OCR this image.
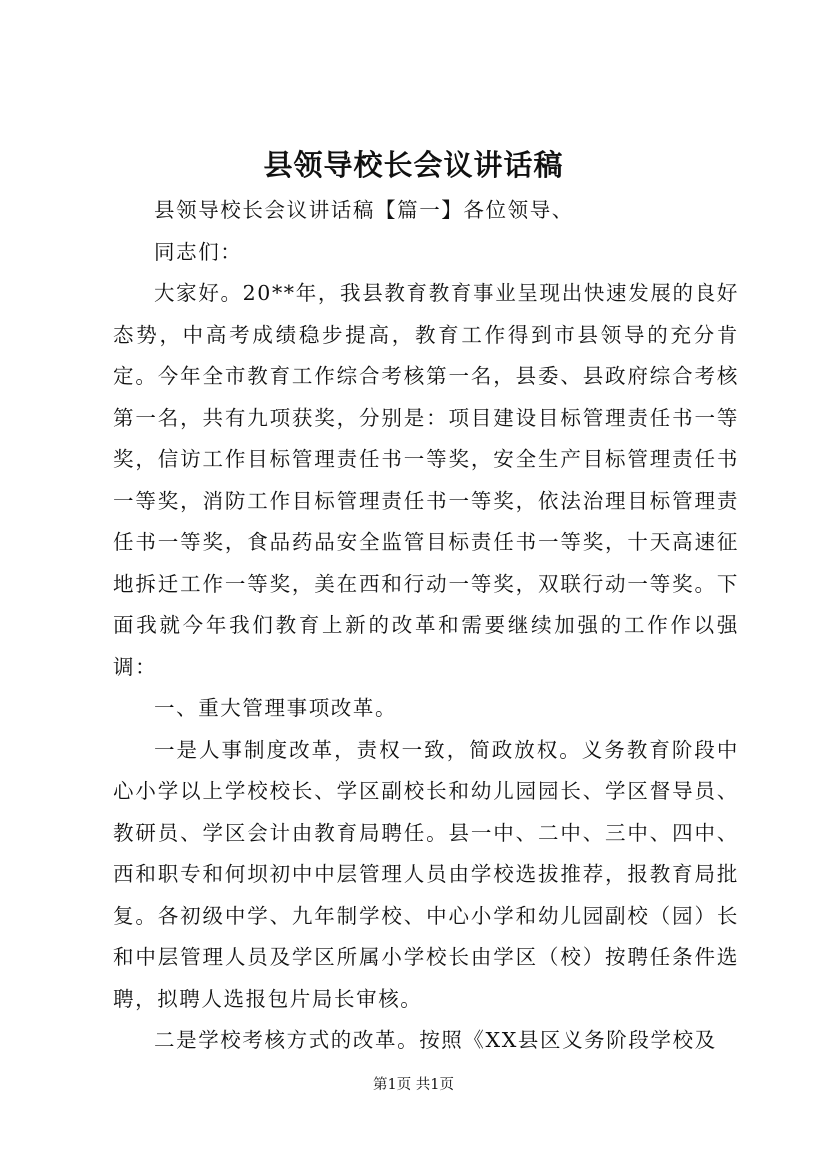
县领导校长会议讲话稿

县领导校长会议讲话稿【篇一】各位领导、

同志们：

大家好。20**年，我县教育教育事业呈现出快速发展的良好态势，中高考成绩稳步提高，教育工作得到市县领导的充分肯定。今年全市教育工作综合考核第一名，县委、县政府综合考核第一名，共有九项获奖，分别是：项目建设目标管理责任书一等奖，信访工作目标管理责任书一等奖，安全生产目标管理责任书一等奖，消防工作目标管理责任书一等奖，依法治理目标管理责任书一等奖，食品药品安全监管目标责任书一等奖，十天高速征地拆迁工作一等奖，美在西和行动一等奖，双联行动一等奖。下面我就今年我们教育上新的改革和需要继续加强的工作作以强调：

一、重大管理事项改革。

一是人事制度改革，责权一致，简政放权。义务教育阶段中心小学以上学校校长、学区副校长和幼儿园园长、学区督导员、教研员、学区会计由教育局聘任。县一中、二中、三中、四中、西和职专和何坝初中中层管理人员由学校选拔推荐，报教育局批复。各初级中学、九年制学校、中心小学和幼儿园副校（园）长和中层管理人员及学区所属小学校长由学区（校）按聘任条件选聘，拟聘人选报包片局长审核。

二是学校考核方式的改革。按照《XX县区义务阶段学校及

第1页 共1页
